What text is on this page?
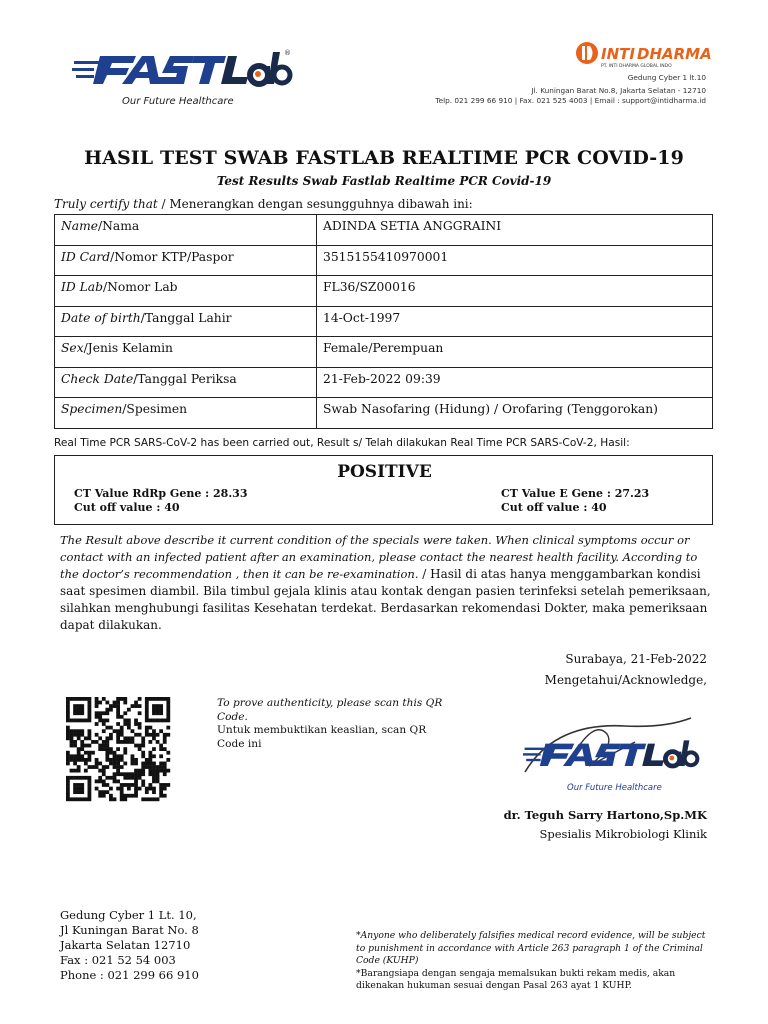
®
Our Future Healthcare
INTI DHARMA
PT. INTI DHARMA GLOBAL INDO
Gedung Cyber 1 lt.10
Jl. Kuningan Barat No.8, Jakarta Selatan - 12710
Telp. 021 299 66 910 | Fax. 021 525 4003 | Email : support@intidharma.id
HASIL TEST SWAB FASTLAB REALTIME PCR COVID-19
Test Results Swab Fastlab Realtime PCR Covid-19
Truly certify that / Menerangkan dengan sesungguhnya dibawah ini:
Name/Nama	ADINDA SETIA ANGGRAINI
ID Card/Nomor KTP/Paspor	3515155410970001
ID Lab/Nomor Lab	FL36/SZ00016
Date of birth/Tanggal Lahir	14-Oct-1997
Sex/Jenis Kelamin	Female/Perempuan
Check Date/Tanggal Periksa	21-Feb-2022 09:39
Specimen/Spesimen	Swab Nasofaring (Hidung) / Orofaring (Tenggorokan)
Real Time PCR SARS-CoV-2 has been carried out, Result s/ Telah dilakukan Real Time PCR SARS-CoV-2, Hasil:
POSITIVE
CT Value RdRp Gene : 28.33
Cut off value : 40
CT Value E Gene : 27.23
Cut off value : 40
The Result above describe it current condition of the specials were taken. When clinical symptoms occur or contact with an infected patient after an examination, please contact the nearest health facility. According to the doctor’s recommendation , then it can be re-examination. / Hasil di atas hanya menggambarkan kondisi saat spesimen diambil. Bila timbul gejala klinis atau kontak dengan pasien terinfeksi setelah pemeriksaan, silahkan menghubungi fasilitas Kesehatan terdekat. Berdasarkan rekomendasi Dokter, maka pemeriksaan dapat dilakukan.
Surabaya, 21-Feb-2022
Mengetahui/Acknowledge,
To prove authenticity, please scan this QR Code.
Untuk membuktikan keaslian, scan QR Code ini
Our Future Healthcare
dr. Teguh Sarry Hartono,Sp.MK
Spesialis Mikrobiologi Klinik
Gedung Cyber 1 Lt. 10,
Jl Kuningan Barat No. 8
Jakarta Selatan 12710
Fax : 021 52 54 003
Phone : 021 299 66 910
*Anyone who deliberately falsifies medical record evidence, will be subject to punishment in accordance with Article 263 paragraph 1 of the Criminal Code (KUHP)
*Barangsiapa dengan sengaja memalsukan bukti rekam medis, akan dikenakan hukuman sesuai dengan Pasal 263 ayat 1 KUHP.
